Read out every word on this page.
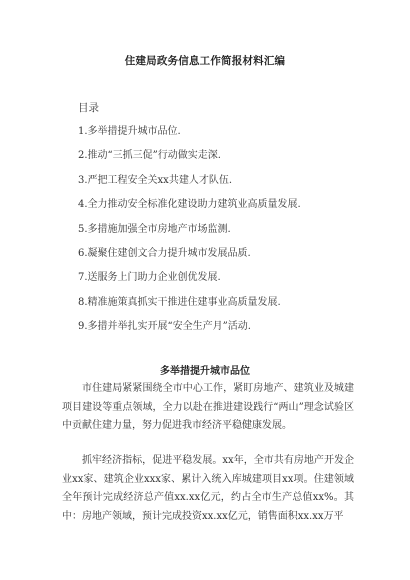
住建局政务信息工作简报材料汇编
目录
1.多举措提升城市品位.
2.推动“三抓三促”行动做实走深.
3.严把工程安全关xx共建人才队伍.
4.全力推动安全标准化建设助力建筑业高质量发展.
5.多措施加强全市房地产市场监测.
6.凝聚住建创文合力提升城市发展品质.
7.送服务上门助力企业创优发展.
8.精准施策真抓实干推进住建事业高质量发展.
9.多措并举扎实开展“安全生产月”活动.
多举措提升城市品位

市住建局紧紧围绕全市中心工作，紧盯房地产、建筑业及城建项目建设等重点领域，全力以赴在推进建设践行“两山”理念试验区中贡献住建力量，努力促进我市经济平稳健康发展。

抓牢经济指标，促进平稳发展。xx年，全市共有房地产开发企业xx家、建筑企业xxx家、累计入统入库城建项目xx项。住建领域全年预计完成经济总产值xx.xx亿元，约占全市生产总值xx%。其中：房地产领域，预计完成投资xx.xx亿元，销售面积xx.xx万平
